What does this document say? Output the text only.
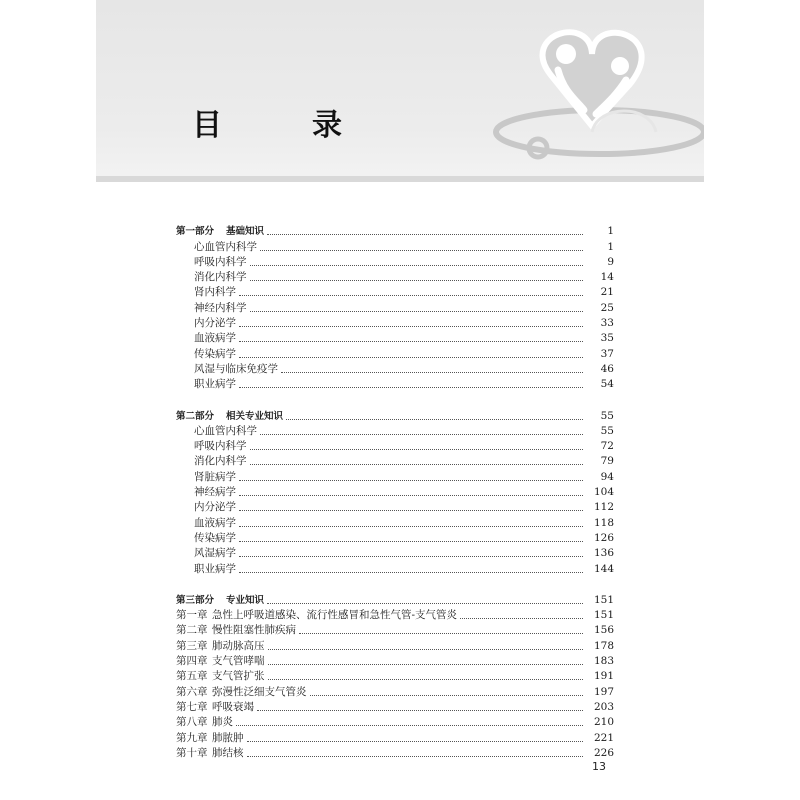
目　录
第一部分 基础知识	1
心血管内科学	1
呼吸内科学	9
消化内科学	14
肾内科学	21
神经内科学	25
内分泌学	33
血液病学	35
传染病学	37
风湿与临床免疫学	46
职业病学	54
第二部分 相关专业知识	55
心血管内科学	55
呼吸内科学	72
消化内科学	79
肾脏病学	94
神经病学	104
内分泌学	112
血液病学	118
传染病学	126
风湿病学	136
职业病学	144
第三部分 专业知识	151
第一章 急性上呼吸道感染、流行性感冒和急性气管-支气管炎	151
第二章 慢性阻塞性肺疾病	156
第三章 肺动脉高压	178
第四章 支气管哮喘	183
第五章 支气管扩张	191
第六章 弥漫性泛细支气管炎	197
第七章 呼吸衰竭	203
第八章 肺炎	210
第九章 肺脓肿	221
第十章 肺结核	226
13
